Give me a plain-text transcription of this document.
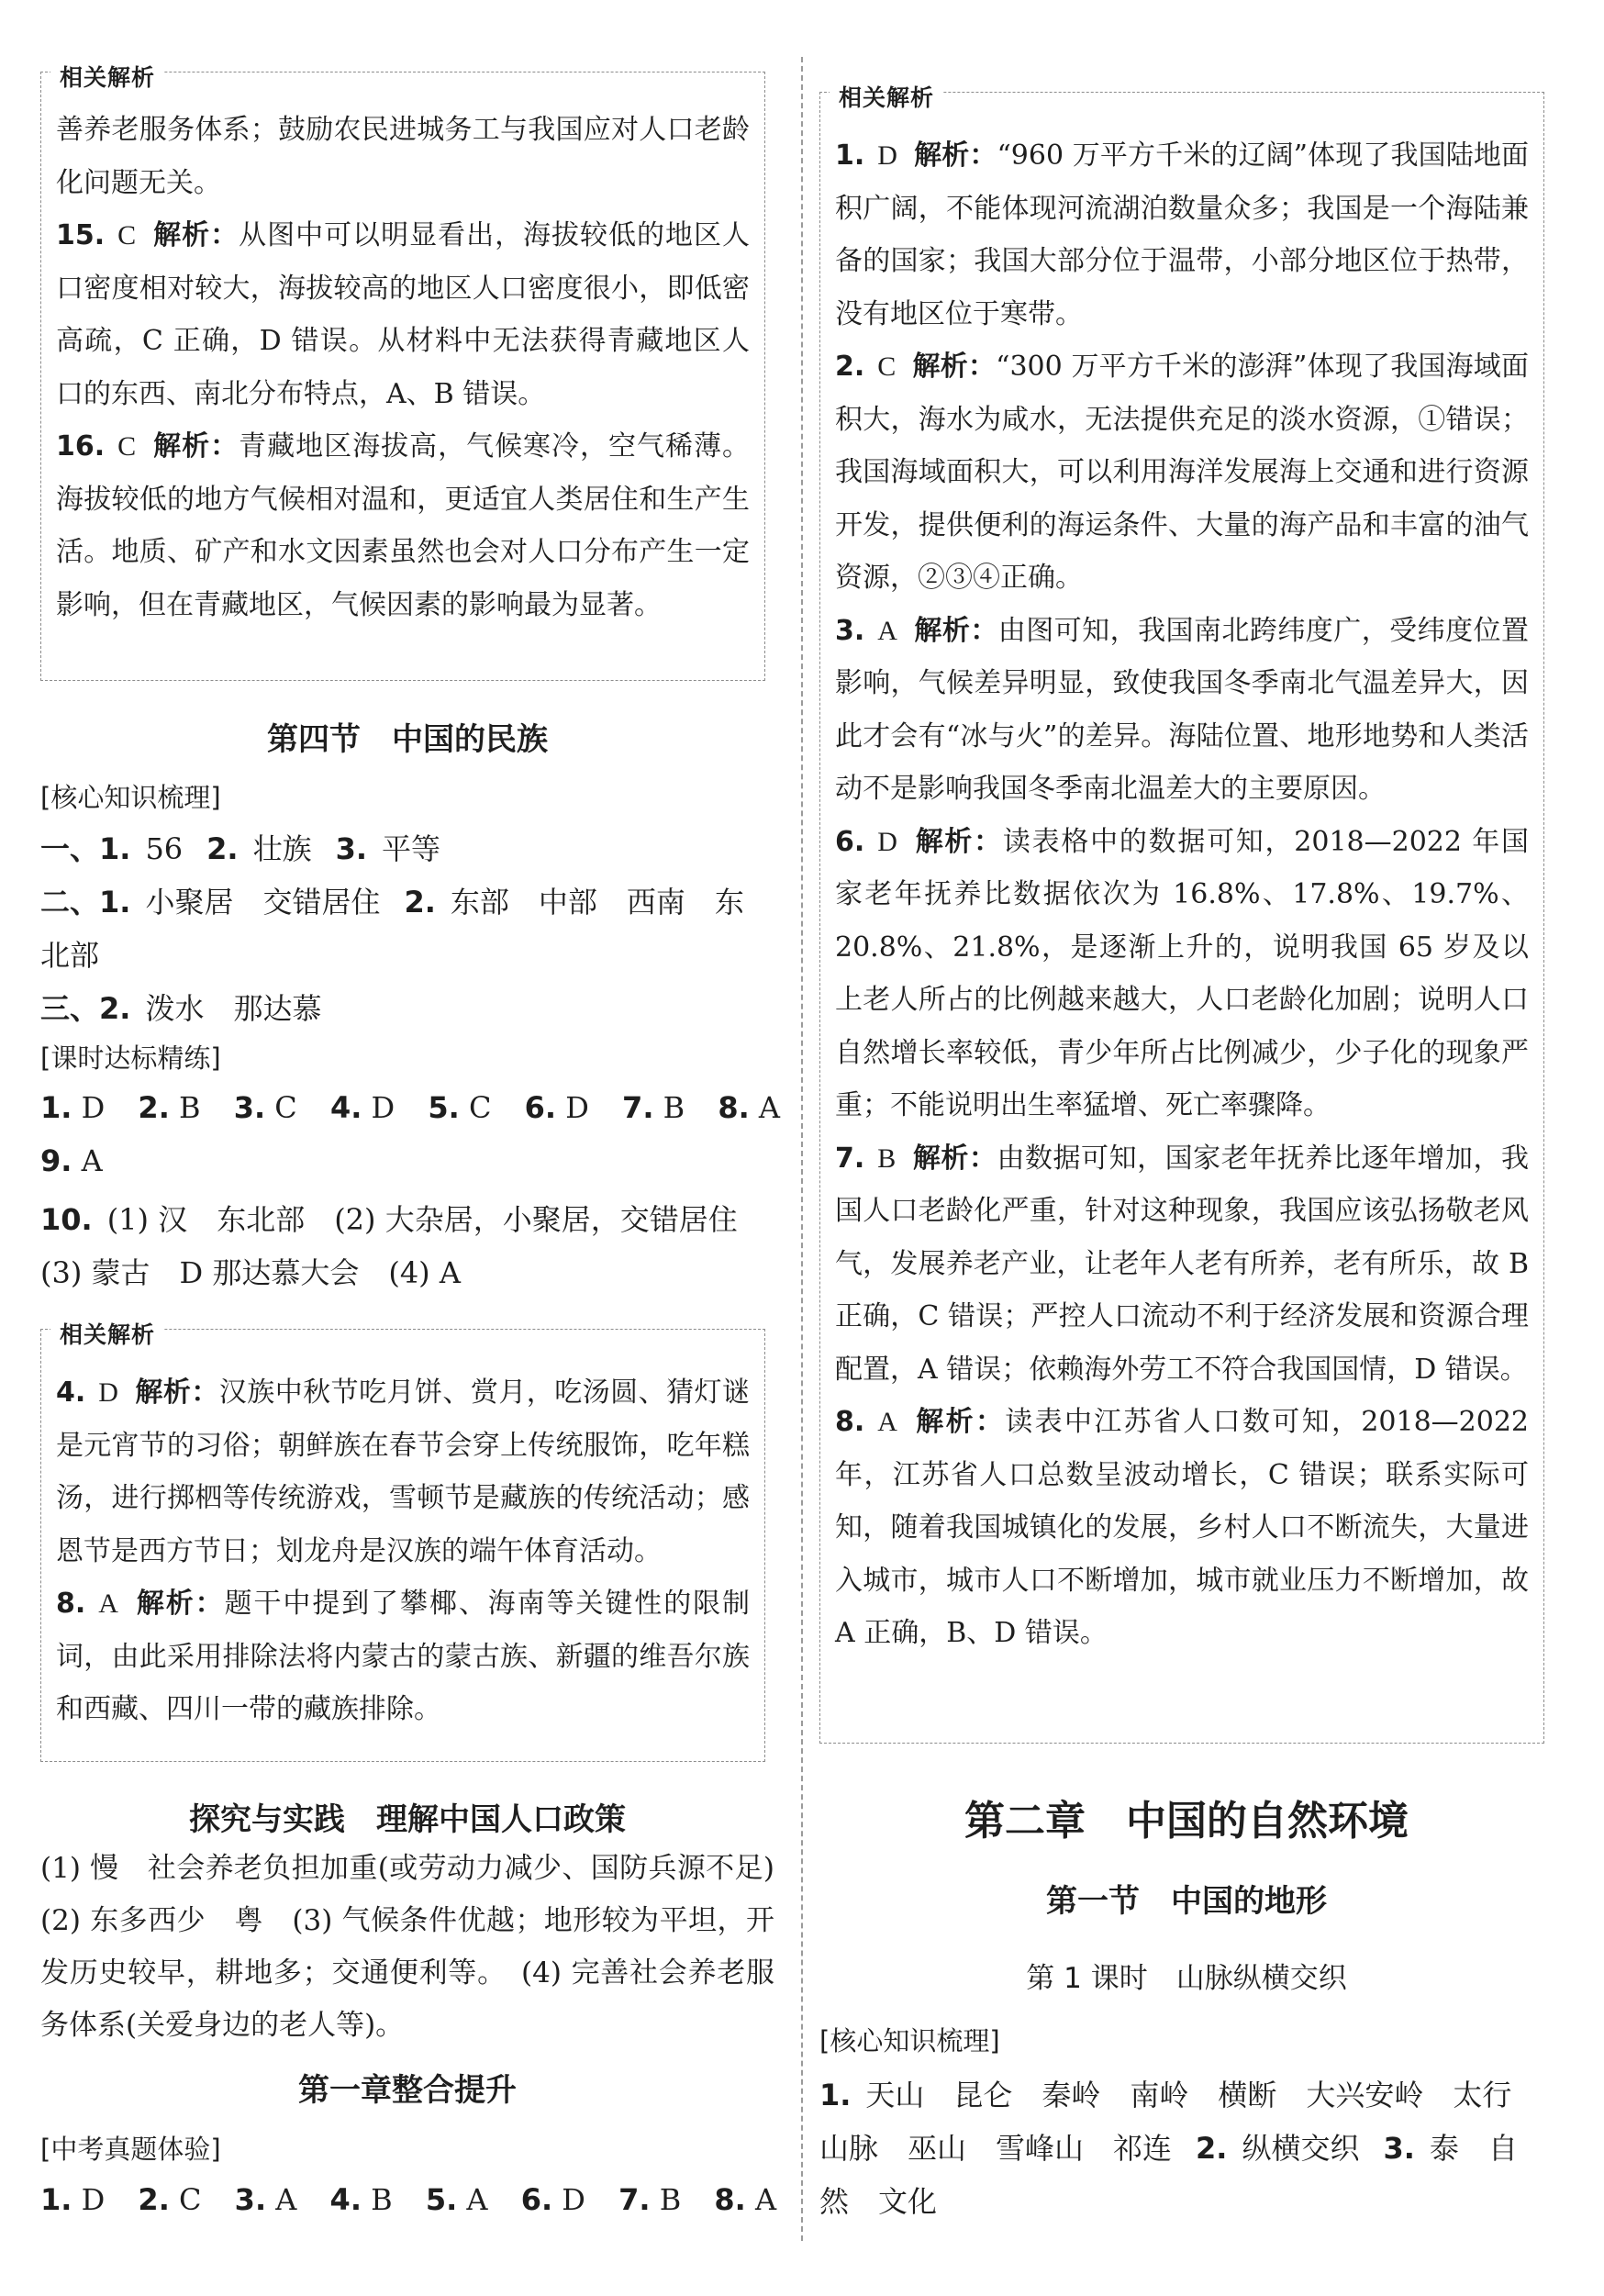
相关解析

善养老服务体系；鼓励农民进城务工与我国应对人口老龄化问题无关。

15. C 解析：从图中可以明显看出，海拔较低的地区人口密度相对较大，海拔较高的地区人口密度很小，即低密高疏，C 正确，D 错误。从材料中无法获得青藏地区人口的东西、南北分布特点，A、B 错误。

16. C 解析：青藏地区海拔高，气候寒冷，空气稀薄。海拔较低的地方气候相对温和，更适宜人类居住和生产生活。地质、矿产和水文因素虽然也会对人口分布产生一定影响，但在青藏地区，气候因素的影响最为显著。

第四节　中国的民族
[核心知识梳理]
一、1. 56 2. 壮族 3. 平等
二、1. 小聚居　交错居住 2. 东部　中部　西南　东
北部
三、2. 泼水　那达慕
[课时达标精练]
1. D 2. B 3. C 4. D 5. C 6. D 7. B 8. A
9. A
10. (1) 汉　东北部　(2) 大杂居，小聚居，交错居住
(3) 蒙古　D 那达慕大会　(4) A
相关解析

4. D 解析：汉族中秋节吃月饼、赏月，吃汤圆、猜灯谜是元宵节的习俗；朝鲜族在春节会穿上传统服饰，吃年糕汤，进行掷柶等传统游戏，雪顿节是藏族的传统活动；感恩节是西方节日；划龙舟是汉族的端午体育活动。

8. A 解析：题干中提到了攀椰、海南等关键性的限制词，由此采用排除法将内蒙古的蒙古族、新疆的维吾尔族和西藏、四川一带的藏族排除。

探究与实践　理解中国人口政策

(1) 慢　社会养老负担加重(或劳动力减少、国防兵源不足)　(2) 东多西少　粤　(3) 气候条件优越；地形较为平坦，开发历史较早，耕地多；交通便利等。　(4) 完善社会养老服务体系(关爱身边的老人等)。

第一章整合提升
[中考真题体验]
1. D 2. C 3. A 4. B 5. A 6. D 7. B 8. A
相关解析

1. D 解析：“960 万平方千米的辽阔”体现了我国陆地面积广阔，不能体现河流湖泊数量众多；我国是一个海陆兼备的国家；我国大部分位于温带，小部分地区位于热带，没有地区位于寒带。

2. C 解析：“300 万平方千米的澎湃”体现了我国海域面积大，海水为咸水，无法提供充足的淡水资源，①错误；我国海域面积大，可以利用海洋发展海上交通和进行资源开发，提供便利的海运条件、大量的海产品和丰富的油气资源，②③④正确。

3. A 解析：由图可知，我国南北跨纬度广，受纬度位置影响，气候差异明显，致使我国冬季南北气温差异大，因此才会有“冰与火”的差异。海陆位置、地形地势和人类活动不是影响我国冬季南北温差大的主要原因。

6. D 解析：读表格中的数据可知，2018—2022 年国家老年抚养比数据依次为 16.8%、17.8%、19.7%、20.8%、21.8%，是逐渐上升的，说明我国 65 岁及以上老人所占的比例越来越大，人口老龄化加剧；说明人口自然增长率较低，青少年所占比例减少，少子化的现象严重；不能说明出生率猛增、死亡率骤降。

7. B 解析：由数据可知，国家老年抚养比逐年增加，我国人口老龄化严重，针对这种现象，我国应该弘扬敬老风气，发展养老产业，让老年人老有所养，老有所乐，故 B 正确，C 错误；严控人口流动不利于经济发展和资源合理配置，A 错误；依赖海外劳工不符合我国国情，D 错误。

8. A 解析：读表中江苏省人口数可知，2018—2022 年，江苏省人口总数呈波动增长，C 错误；联系实际可知，随着我国城镇化的发展，乡村人口不断流失，大量进入城市，城市人口不断增加，城市就业压力不断增加，故 A 正确，B、D 错误。

第二章　中国的自然环境
第一节　中国的地形
第 1 课时　山脉纵横交织
[核心知识梳理]
1. 天山　昆仑　秦岭　南岭　横断　大兴安岭　太行
山脉　巫山　雪峰山　祁连 2. 纵横交织 3. 泰　自
然　文化
